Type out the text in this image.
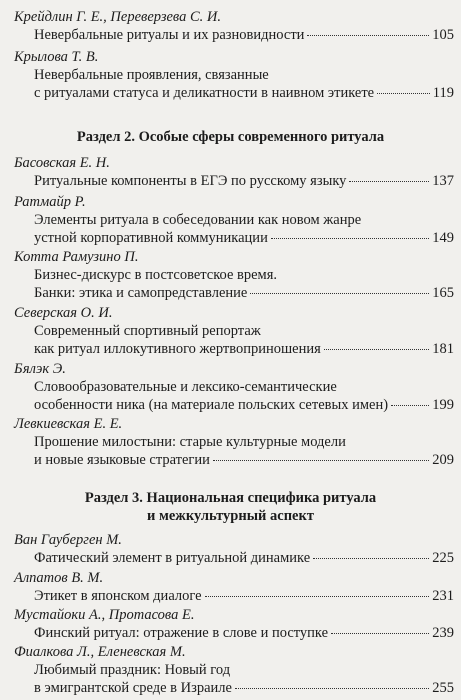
Крейдлин Г. Е., Переверзева С. И.
Невербальные ритуалы и их разновидности	105
Крылова Т. В.
Невербальные проявления, связанные
с ритуалами статуса и деликатности в наивном этикете	119
Раздел 2. Особые сферы современного ритуала
Басовская Е. Н.
Ритуальные компоненты в ЕГЭ по русскому языку	137
Ратмайр Р.
Элементы ритуала в собеседовании как новом жанре
устной корпоративной коммуникации	149
Котта Рамузино П.
Бизнес-дискурс в постсоветское время.
Банки: этика и самопредставление	165
Северская О. И.
Современный спортивный репортаж
как ритуал иллокутивного жертвоприношения	181
Бялэк Э.
Словообразовательные и лексико-семантические
особенности ника (на материале польских сетевых имен)	199
Левкиевская Е. Е.
Прошение милостыни: старые культурные модели
и новые языковые стратегии	209
Раздел 3. Национальная специфика ритуала
и межкультурный аспект
Ван Гауберген М.
Фатический элемент в ритуальной динамике	225
Алпатов В. М.
Этикет в японском диалоге	231
Мустайоки А., Протасова Е.
Финский ритуал: отражение в слове и поступке	239
Фиалкова Л., Еленевская М.
Любимый праздник: Новый год
в эмигрантской среде в Израиле	255
